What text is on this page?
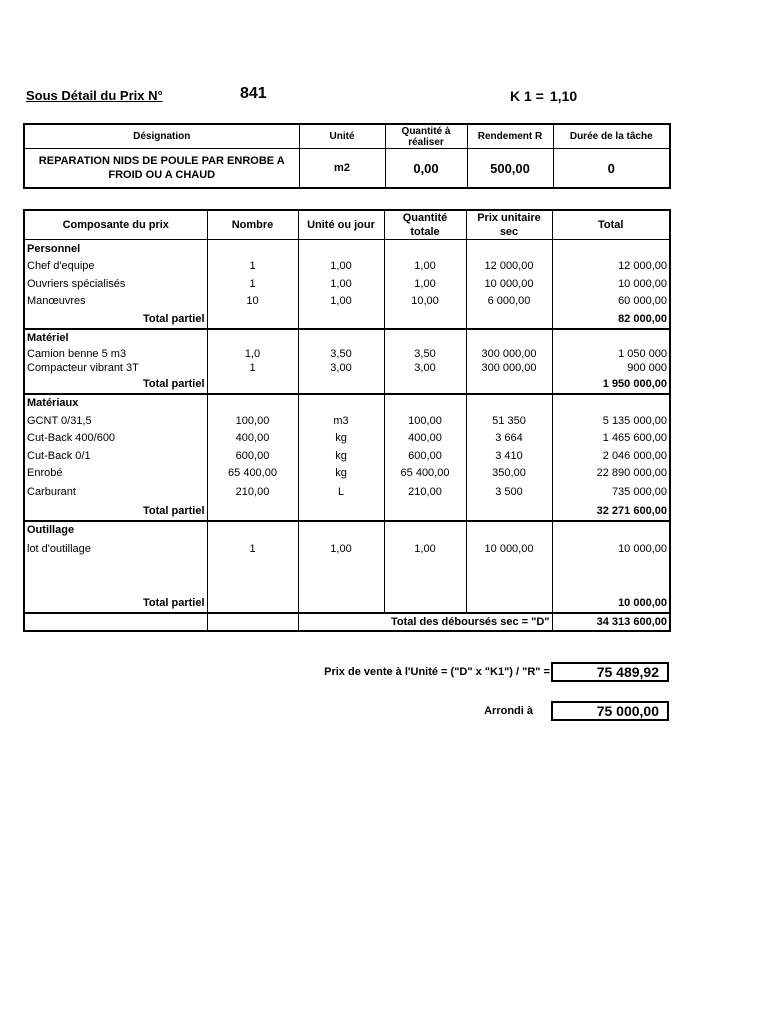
Sous Détail du Prix N°	841	K 1 = 1,10
Désignation	Unité	Quantité à réaliser	Rendement R	Durée de la tâche
REPARATION NIDS DE POULE PAR ENROBE A FROID OU A CHAUD	m2	0,00	500,00	0
Composante du prix	Nombre	Unité ou jour	Quantité totale	Prix unitaire sec	Total
Personnel					
Chef d'equipe	1	1,00	1,00	12 000,00	12 000,00
Ouvriers spécialisés	1	1,00	1,00	10 000,00	10 000,00
Manœuvres	10	1,00	10,00	6 000,00	60 000,00
Total partiel					82 000,00
Matériel					
Camion benne 5 m3	1,0	3,50	3,50	300 000,00	1 050 000
Compacteur vibrant 3T	1	3,00	3,00	300 000,00	900 000
Total partiel					1 950 000,00
Matériaux					
GCNT 0/31,5	100,00	m3	100,00	51 350	5 135 000,00
Cut-Back 400/600	400,00	kg	400,00	3 664	1 465 600,00
Cut-Back 0/1	600,00	kg	600,00	3 410	2 046 000,00
Enrobé	65 400,00	kg	65 400,00	350,00	22 890 000,00
Carburant	210,00	L	210,00	3 500	735 000,00
Total partiel					32 271 600,00
Outillage					
lot d'outillage	1	1,00	1,00	10 000,00	10 000,00

Total partiel					10 000,00
		Total des déboursés sec = "D"			34 313 600,00
Prix de vente à l'Unité = ("D" x "K1") / "R" =	75 489,92
Arrondi à	75 000,00
